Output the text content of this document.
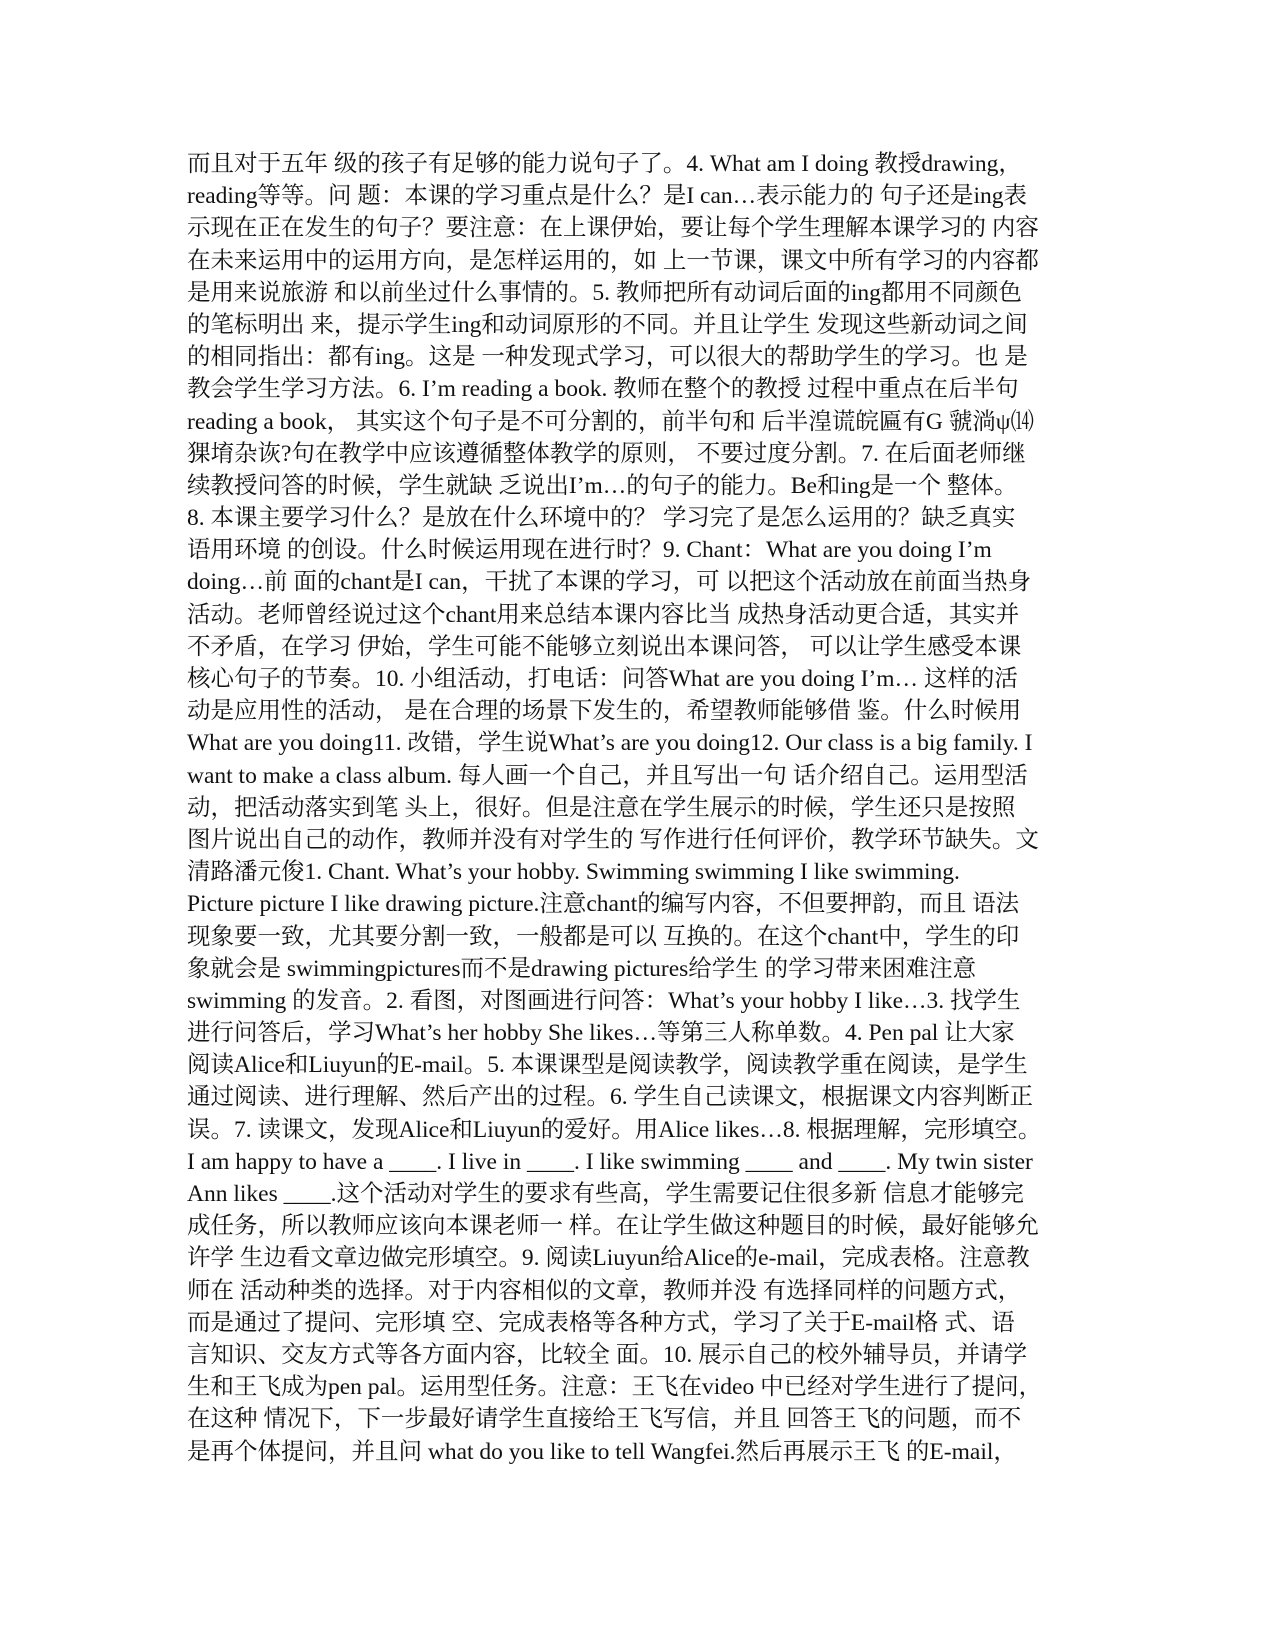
而且对于五年 级的孩子有足够的能力说句子了。4. What am I doing 教授drawing，
reading等等。问 题：本课的学习重点是什么？是I can…表示能力的 句子还是ing表
示现在正在发生的句子？要注意：在上课伊始，要让每个学生理解本课学习的 内容
在未来运用中的运用方向，是怎样运用的，如 上一节课，课文中所有学习的内容都
是用来说旅游 和以前坐过什么事情的。5. 教师把所有动词后面的ing都用不同颜色
的笔标明出 来，提示学生ing和动词原形的不同。并且让学生 发现这些新动词之间
的相同指出：都有ing。这是 一种发现式学习，可以很大的帮助学生的学习。也 是
教会学生学习方法。6. I’m reading a book. 教师在整个的教授 过程中重点在后半句
reading a book， 其实这个句子是不可分割的，前半句和 后半湟谎皖匾有G 虢淌ψ⒁
猓堉杂诙?句在教学中应该遵循整体教学的原则， 不要过度分割。7. 在后面老师继
续教授问答的时候，学生就缺 乏说出I’m…的句子的能力。Be和ing是一个 整体。
8. 本课主要学习什么？是放在什么环境中的？ 学习完了是怎么运用的？缺乏真实
语用环境 的创设。什么时候运用现在进行时？9. Chant：What are you doing I’m
doing…前 面的chant是I can，干扰了本课的学习，可 以把这个活动放在前面当热身
活动。老师曾经说过这个chant用来总结本课内容比当 成热身活动更合适，其实并
不矛盾，在学习 伊始，学生可能不能够立刻说出本课问答， 可以让学生感受本课
核心句子的节奏。10. 小组活动，打电话：问答What are you doing I’m… 这样的活
动是应用性的活动， 是在合理的场景下发生的，希望教师能够借 鉴。什么时候用
What are you doing11. 改错，学生说What’s are you doing12. Our class is a big family. I
want to make a class album. 每人画一个自己，并且写出一句 话介绍自己。运用型活
动，把活动落实到笔 头上，很好。但是注意在学生展示的时候，学生还只是按照
图片说出自己的动作，教师并没有对学生的 写作进行任何评价，教学环节缺失。文
清路潘元俊1. Chant. What’s your hobby. Swimming swimming I like swimming.
Picture picture I like drawing picture.注意chant的编写内容，不但要押韵，而且 语法
现象要一致，尤其要分割一致，一般都是可以 互换的。在这个chant中，学生的印
象就会是 swimmingpictures而不是drawing pictures给学生 的学习带来困难注意
swimming 的发音。2. 看图，对图画进行问答：What’s your hobby I like…3. 找学生
进行问答后，学习What’s her hobby She likes…等第三人称单数。4. Pen pal 让大家
阅读Alice和Liuyun的E-mail。5. 本课课型是阅读教学，阅读教学重在阅读，是学生
通过阅读、进行理解、然后产出的过程。6. 学生自己读课文，根据课文内容判断正
误。7. 读课文，发现Alice和Liuyun的爱好。用Alice likes…8. 根据理解，完形填空。
I am happy to have a ____. I live in ____. I like swimming ____ and ____. My twin sister
Ann likes ____.这个活动对学生的要求有些高，学生需要记住很多新 信息才能够完
成任务，所以教师应该向本课老师一 样。在让学生做这种题目的时候，最好能够允
许学 生边看文章边做完形填空。9. 阅读Liuyun给Alice的e-mail，完成表格。注意教
师在 活动种类的选择。对于内容相似的文章，教师并没 有选择同样的问题方式，
而是通过了提问、完形填 空、完成表格等各种方式，学习了关于E-mail格 式、语
言知识、交友方式等各方面内容，比较全 面。10. 展示自己的校外辅导员，并请学
生和王飞成为pen pal。运用型任务。注意：王飞在video 中已经对学生进行了提问，
在这种 情况下，下一步最好请学生直接给王飞写信，并且 回答王飞的问题，而不
是再个体提问，并且问 what do you like to tell Wangfei.然后再展示王飞 的E-mail，
